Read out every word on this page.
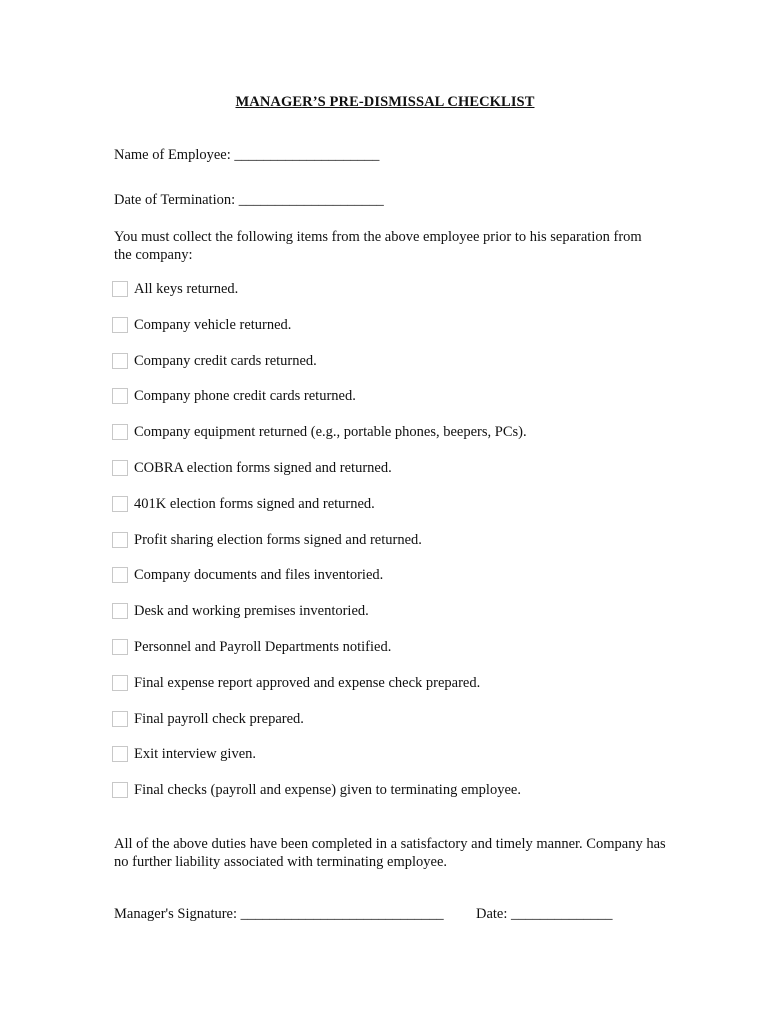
MANAGER’S PRE-DISMISSAL CHECKLIST
Name of Employee: ____________________
Date of Termination: ____________________
You must collect the following items from the above employee prior to his separation from the company:
All keys returned.
Company vehicle returned.
Company credit cards returned.
Company phone credit cards returned.
Company equipment returned (e.g., portable phones, beepers, PCs).
COBRA election forms signed and returned.
401K election forms signed and returned.
Profit sharing election forms signed and returned.
Company documents and files inventoried.
Desk and working premises inventoried.
Personnel and Payroll Departments notified.
Final expense report approved and expense check prepared.
Final payroll check prepared.
Exit interview given.
Final checks (payroll and expense) given to terminating employee.
All of the above duties have been completed in a satisfactory and timely manner. Company has no further liability associated with terminating employee.
Manager's Signature: ____________________________ Date: ______________
